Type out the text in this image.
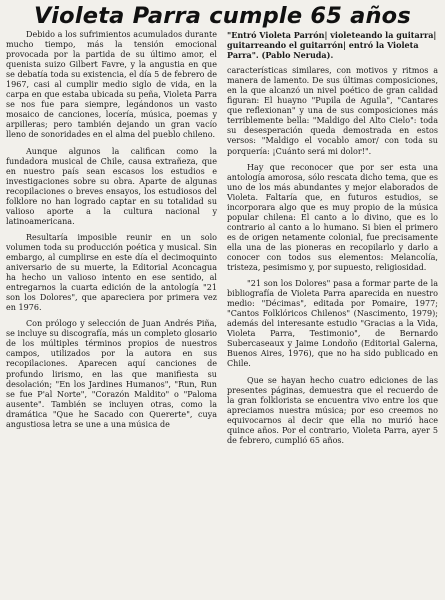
Violeta Parra cumple 65 años

Debido a los sufrimientos acumulados durante mucho tiempo, más la tensión emocional provocada por la partida de su último amor, el quenista suizo Gilbert Favre, y la angustia en que se debatía toda su existencia, el día 5 de febrero de 1967, casi al cumplir medio siglo de vida, en la carpa en que estaba ubicada su peña, Violeta Parra se nos fue para siempre, legándonos un vasto mosaico de canciones, locería, música, poemas y arpilleras; pero también dejando un gran vacío lleno de sonoridades en el alma del pueblo chileno.

Aunque algunos la califican como la fundadora musical de Chile, causa extrañeza, que en nuestro país sean escasos los estudios e investigaciones sobre su obra. Aparte de algunas recopilaciones o breves ensayos, los estudiosos del folklore no han logrado captar en su totalidad su valioso aporte a la cultura nacional y latinoamericana.

Resultaría imposible reunir en un solo volumen toda su producción poética y musical. Sin embargo, al cumplirse en este día el decimoquinto aniversario de su muerte, la Editorial Aconcagua ha hecho un valioso intento en ese sentido, al entregarnos la cuarta edición de la antología "21 son los Dolores", que apareciera por primera vez en 1976.

Con prólogo y selección de Juan Andrés Piña, se incluye su discografía, más un completo glosario de los múltiples términos propios de nuestros campos, utilizados por la autora en sus recopilaciones. Aparecen aquí canciones de profundo lirismo, en las que manifiesta su desolación; "En los Jardines Humanos", "Run, Run se fue P'al Norte", "Corazón Maldito" o "Paloma ausente". También se incluyen otras, como la dramática "Que he Sacado con Quererte", cuya angustiosa letra se une a una música de

"Entró Violeta Parrón| violeteando la guitarra| guitarreando el guitarrón| entró la Violeta Parra". (Pablo Neruda).

características similares, con motivos y ritmos a manera de lamento. De sus últimas composiciones, en la que alcanzó un nivel poético de gran calidad figuran: El huayno "Pupila de Aguila", "Cantares que reflexionan" y una de sus composiciones más terriblemente bella: "Maldigo del Alto Cielo": toda su desesperación queda demostrada en estos versos: "Maldigo el vocablo amor/ con toda su porquería: ¡Cuánto será mi dolor!".

Hay que reconocer que por ser esta una antología amorosa, sólo rescata dicho tema, que es uno de los más abundantes y mejor elaborados de Violeta. Faltaría que, en futuros estudios, se incorporara algo que es muy propio de la música popular chilena: El canto a lo divino, que es lo contrario al canto a lo humano. Si bien el primero es de origen netamente colonial, fue precisamente ella una de las pioneras en recopilarlo y darlo a conocer con todos sus elementos: Melancolía, tristeza, pesimismo y, por supuesto, religiosidad.

"21 son los Dolores" pasa a formar parte de la bibliografía de Violeta Parra aparecida en nuestro medio: "Décimas", editada por Pomaire, 1977; "Cantos Folklóricos Chilenos" (Nascimento, 1979); además del interesante estudio "Gracias a la Vida, Violeta Parra, Testimonio", de Bernardo Subercaseaux y Jaime Londoño (Editorial Galerna, Buenos Aires, 1976), que no ha sido publicado en Chile.

Que se hayan hecho cuatro ediciones de las presentes páginas, demuestra que el recuerdo de la gran folklorista se encuentra vivo entre los que apreciamos nuestra música; por eso creemos no equivocarnos al decir que ella no murió hace quince años. Por el contrario, Violeta Parra, ayer 5 de febrero, cumplió 65 años.
